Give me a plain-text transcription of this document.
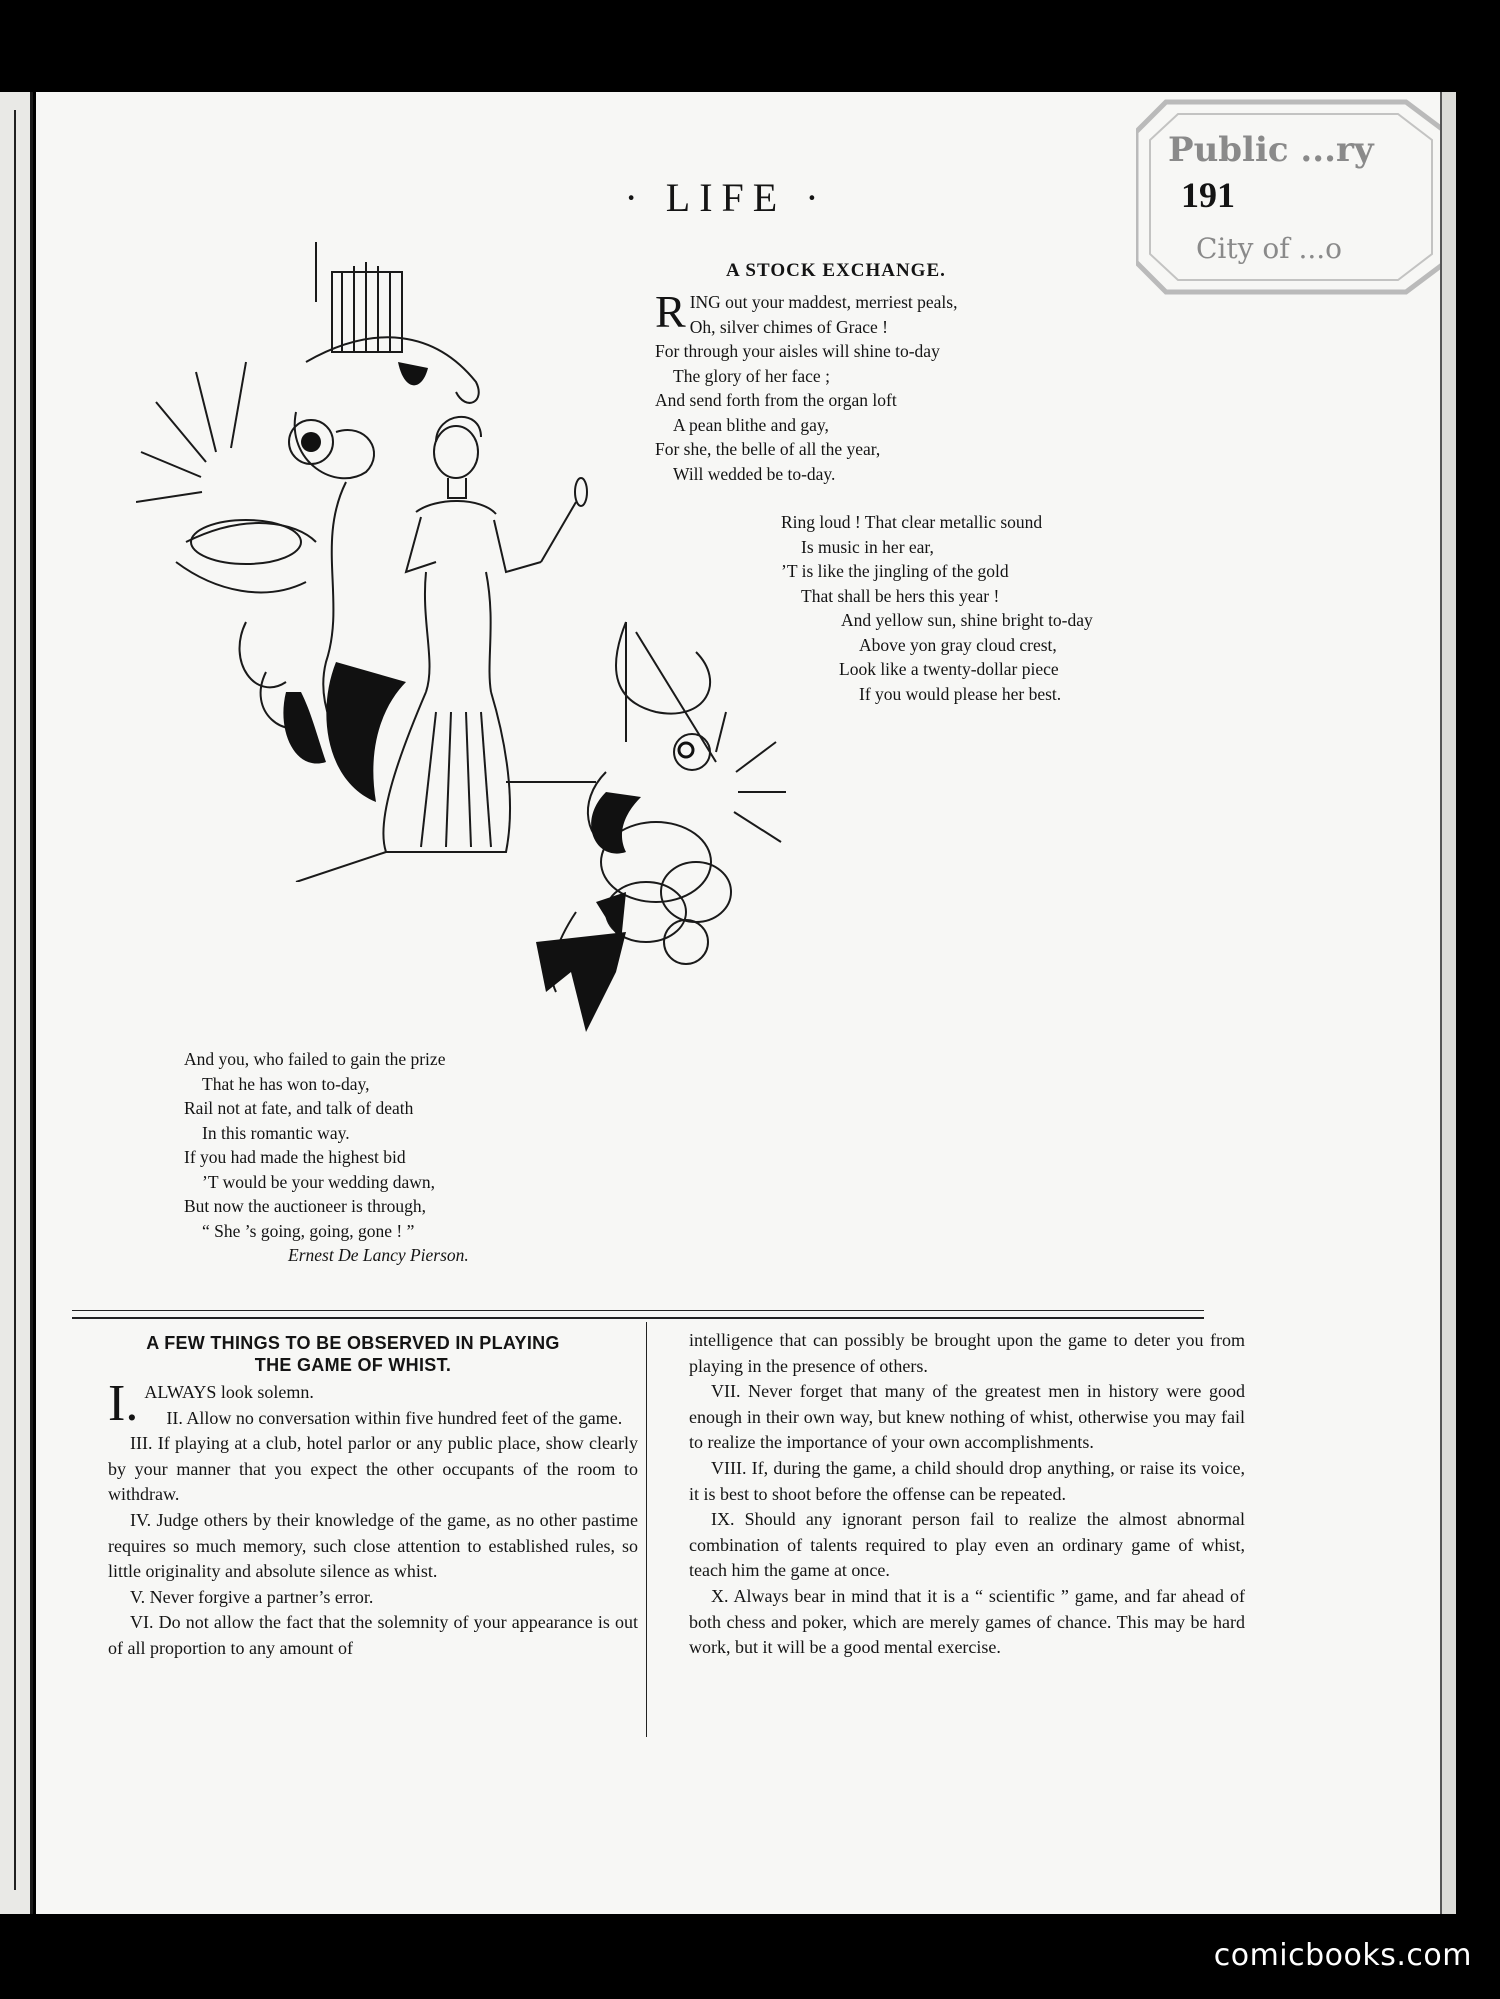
Public ...ry
City of ...o
· LIFE ·	191
A STOCK EXCHANGE.
R ING out your maddest, merriest peals,
Oh, silver chimes of Grace !
For through your aisles will shine to-day
The glory of her face ;
And send forth from the organ loft
A pean blithe and gay,
For she, the belle of all the year,
Will wedded be to-day.
Ring loud ! That clear metallic sound
Is music in her ear,
’T is like the jingling of the gold
That shall be hers this year !
And yellow sun, shine bright to-day
Above yon gray cloud crest,
Look like a twenty-dollar piece
If you would please her best.
And you, who failed to gain the prize
That he has won to-day,
Rail not at fate, and talk of death
In this romantic way.
If you had made the highest bid
’T would be your wedding dawn,
But now the auctioneer is through,
“ She ’s going, going, gone ! ”
Ernest De Lancy Pierson.
A FEW THINGS TO BE OBSERVED IN PLAYING
THE GAME OF WHIST.
I. ALWAYS look solemn.

II. Allow no conversation within five hundred feet of the game.

III. If playing at a club, hotel parlor or any public place, show clearly by your manner that you expect the other occupants of the room to withdraw.

IV. Judge others by their knowledge of the game, as no other pastime requires so much memory, such close attention to established rules, so little originality and absolute silence as whist.

V. Never forgive a partner’s error.

VI. Do not allow the fact that the solemnity of your appearance is out of all proportion to any amount of

intelligence that can possibly be brought upon the game to deter you from playing in the presence of others.

VII. Never forget that many of the greatest men in history were good enough in their own way, but knew nothing of whist, otherwise you may fail to realize the importance of your own accomplishments.

VIII. If, during the game, a child should drop anything, or raise its voice, it is best to shoot before the offense can be repeated.

IX. Should any ignorant person fail to realize the almost abnormal combination of talents required to play even an ordinary game of whist, teach him the game at once.

X. Always bear in mind that it is a “ scientific ” game, and far ahead of both chess and poker, which are merely games of chance. This may be hard work, but it will be a good mental exercise.

comicbooks.com
